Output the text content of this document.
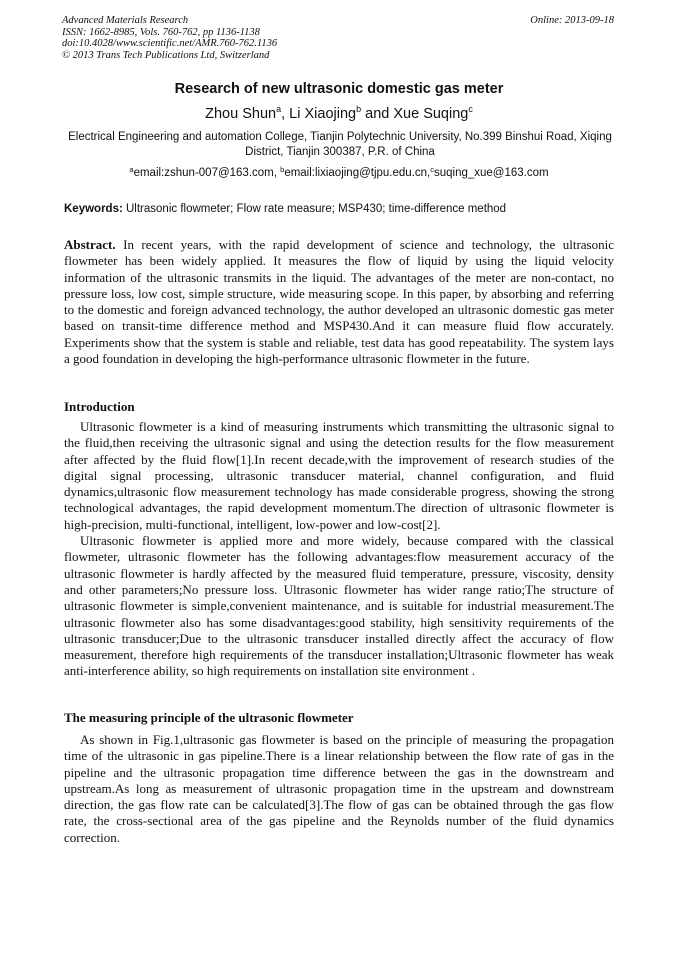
Advanced Materials Research
ISSN: 1662-8985, Vols. 760-762, pp 1136-1138
doi:10.4028/www.scientific.net/AMR.760-762.1136
© 2013 Trans Tech Publications Ltd, Switzerland
Online: 2013-09-18
Research of new ultrasonic domestic gas meter
Zhou Shun$^a$, Li Xiaojing$^b$ and Xue Suqing$^c$
Electrical Engineering and automation College, Tianjin Polytechnic University, No.399 Binshui Road, Xiqing District, Tianjin 300387, P.R. of China
$^a$email:zshun-007@163.com, $^b$email:lixiaojing@tjpu.edu.cn,$^c$suqing_xue@163.com
Keywords: Ultrasonic flowmeter; Flow rate measure; MSP430; time-difference method

Abstract. In recent years, with the rapid development of science and technology, the ultrasonic flowmeter has been widely applied. It measures the flow of liquid by using the liquid velocity information of the ultrasonic transmits in the liquid. The advantages of the meter are non-contact, no pressure loss, low cost, simple structure, wide measuring scope. In this paper, by absorbing and referring to the domestic and foreign advanced technology, the author developed an ultrasonic domestic gas meter based on transit-time difference method and MSP430.And it can measure fluid flow accurately. Experiments show that the system is stable and reliable, test data has good repeatability. The system lays a good foundation in developing the high-performance ultrasonic flowmeter in the future.

Introduction

Ultrasonic flowmeter is a kind of measuring instruments which transmitting the ultrasonic signal to the fluid,then receiving the ultrasonic signal and using the detection results for the flow measurement after affected by the fluid flow[1].In recent decade,with the improvement of research studies of the digital signal processing, ultrasonic transducer material, channel configuration, and fluid dynamics,ultrasonic flow measurement technology has made considerable progress, showing the strong technological advantages, the rapid development momentum.The direction of ultrasonic flowmeter is high-precision, multi-functional, intelligent, low-power and low-cost[2].

Ultrasonic flowmeter is applied more and more widely, because compared with the classical flowmeter, ultrasonic flowmeter has the following advantages:flow measurement accuracy of the ultrasonic flowmeter is hardly affected by the measured fluid temperature, pressure, viscosity, density and other parameters;No pressure loss. Ultrasonic flowmeter has wider range ratio;The structure of ultrasonic flowmeter is simple,convenient maintenance, and is suitable for industrial measurement.The ultrasonic flowmeter also has some disadvantages:good stability, high sensitivity requirements of the ultrasonic transducer;Due to the ultrasonic transducer installed directly affect the accuracy of flow measurement, therefore high requirements of the transducer installation;Ultrasonic flowmeter has weak anti-interference ability, so high requirements on installation site environment .

The measuring principle of the ultrasonic flowmeter

As shown in Fig.1,ultrasonic gas flowmeter is based on the principle of measuring the propagation time of the ultrasonic in gas pipeline.There is a linear relationship between the flow rate of gas in the pipeline and the ultrasonic propagation time difference between the gas in the downstream and upstream.As long as measurement of ultrasonic propagation time in the upstream and downstream direction, the gas flow rate can be calculated[3].The flow of gas can be obtained through the gas flow rate, the cross-sectional area of the gas pipeline and the Reynolds number of the fluid dynamics correction.
